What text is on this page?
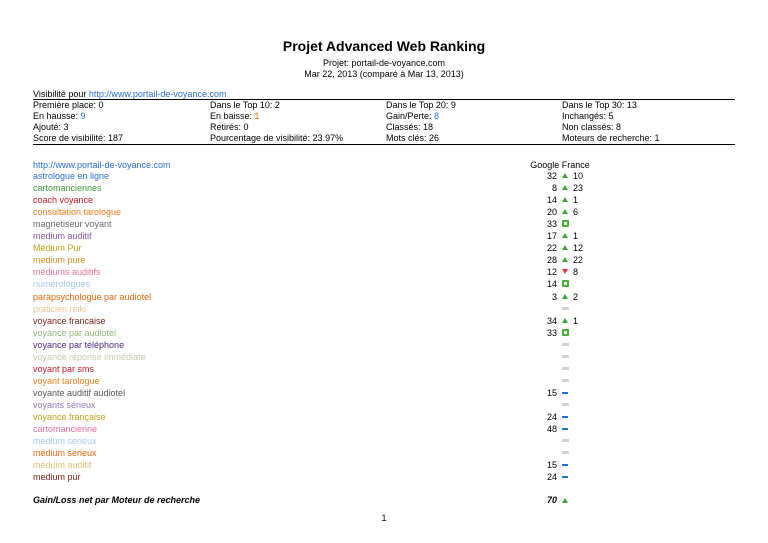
Projet Advanced Web Ranking
Projet: portail-de-voyance.com
Mar 22, 2013 (comparé à Mar 13, 2013)
Visibilité pour http://www.portail-de-voyance.com
Première place: 0	Dans le Top 10: 2	Dans le Top 20: 9	Dans le Top 30: 13
En hausse: 9	En baisse: 1	Gain/Perte: 8	Inchangés: 5
Ajouté: 3	Retirés: 0	Classés: 18	Non classés: 8
Score de visibilité: 187	Pourcentage de visibilité: 23.97%	Mots clés: 26	Moteurs de recherche: 1
http://www.portail-de-voyance.com	Google France
astrologue en ligne	32 10
cartomanciennes	8 23
coach voyance	14 1
consultation tarologue	20 6
magnetiseur voyant	33
medium auditif	17 1
Médium Pur	22 12
medium pure	28 22
médiums auditifs	12 8
numérologues	14
parapsychologue par audiotel	3 2
praticien reiki
voyance francaise	34 1
voyance par audiotel	33
voyance par téléphone
voyance réponse immédiate
voyant par sms
voyant tarologue
voyante auditif audiotel	15
voyants sérieux
voyance française	24
cartomancienne	48
medium serieux
médium serieux
méduim auditif	15
medium pur	24
Gain/Loss net par Moteur de recherche	70
1
